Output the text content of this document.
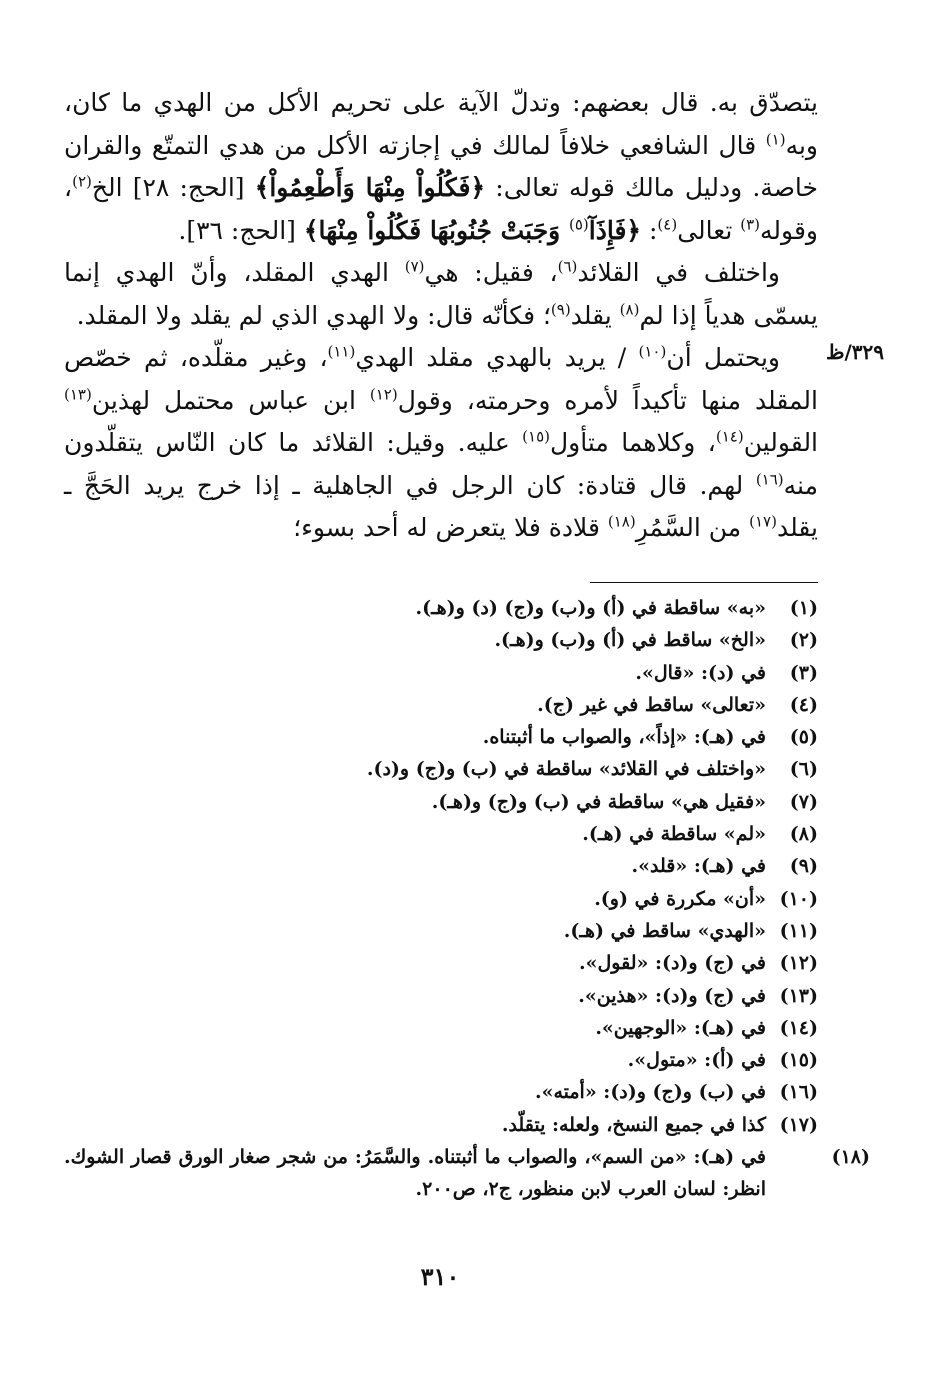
يتصدّق به. قال بعضهم: وتدلّ الآية على تحريم الأكل من الهدي ما كان، وبه$^{(١)}$ قال الشافعي خلافاً لمالك في إجازته الأكل من هدي التمتّع والقران خاصة. ودليل مالك قوله تعالى: ﴿فَكُلُواْ مِنْهَا وَأَطْعِمُواْ﴾ [الحج: ٢٨] الخ$^{(٢)}$، وقوله$^{(٣)}$ تعالى$^{(٤)}$: ﴿فَإِذَآ$^{(٥)}$ وَجَبَتْ جُنُوبُهَا فَكُلُواْ مِنْهَا﴾ [الحج: ٣٦].

واختلف في القلائد$^{(٦)}$، فقيل: هي$^{(٧)}$ الهدي المقلد، وأنّ الهدي إنما يسمّى هدياً إذا لم$^{(٨)}$ يقلد$^{(٩)}$؛ فكأنّه قال: ولا الهدي الذي لم يقلد ولا المقلد.

ويحتمل أن$^{(١٠)}$ / يريد بالهدي مقلد الهدي$^{(١١)}$، وغير مقلّده، ثم خصّص المقلد منها تأكيداً لأمره وحرمته، وقول$^{(١٢)}$ ابن عباس محتمل لهذين$^{(١٣)}$ القولين$^{(١٤)}$، وكلاهما متأول$^{(١٥)}$ عليه. وقيل: القلائد ما كان النّاس يتقلّدون منه$^{(١٦)}$ لهم. قال قتادة: كان الرجل في الجاهلية ـ إذا خرج يريد الحَجَّ ـ يقلد$^{(١٧)}$ من السَّمُرِ$^{(١٨)}$ قلادة فلا يتعرض له أحد بسوء؛

٣٢٩/ظ

(١)«به» ساقطة في (أ) و(ب) و(ج) (د) و(هـ).

(٢)«الخ» ساقط في (أ) و(ب) و(هـ).

(٣)في (د): «قال».

(٤)«تعالى» ساقط في غير (ج).

(٥)في (هـ): «إذاً»، والصواب ما أثبتناه.

(٦)«واختلف في القلائد» ساقطة في (ب) و(ج) و(د).

(٧)«فقيل هي» ساقطة في (ب) و(ج) و(هـ).

(٨)«لم» ساقطة في (هـ).

(٩)في (هـ): «قلد».

(١٠)«أن» مكررة في (و).

(١١)«الهدي» ساقط في (هـ).

(١٢)في (ج) و(د): «لقول».

(١٣)في (ج) و(د): «هذين».

(١٤)في (هـ): «الوجهين».

(١٥)في (أ): «متول».

(١٦)في (ب) و(ج) و(د): «أمته».

(١٧)كذا في جميع النسخ، ولعله: يتقلّد.

(١٨)في (هـ): «من السم»، والصواب ما أثبتناه. والسَّمَرُ: من شجر صغار الورق قصار الشوك. انظر: لسان العرب لابن منظور، ج٢، ص٢٠٠.

٣١٠
